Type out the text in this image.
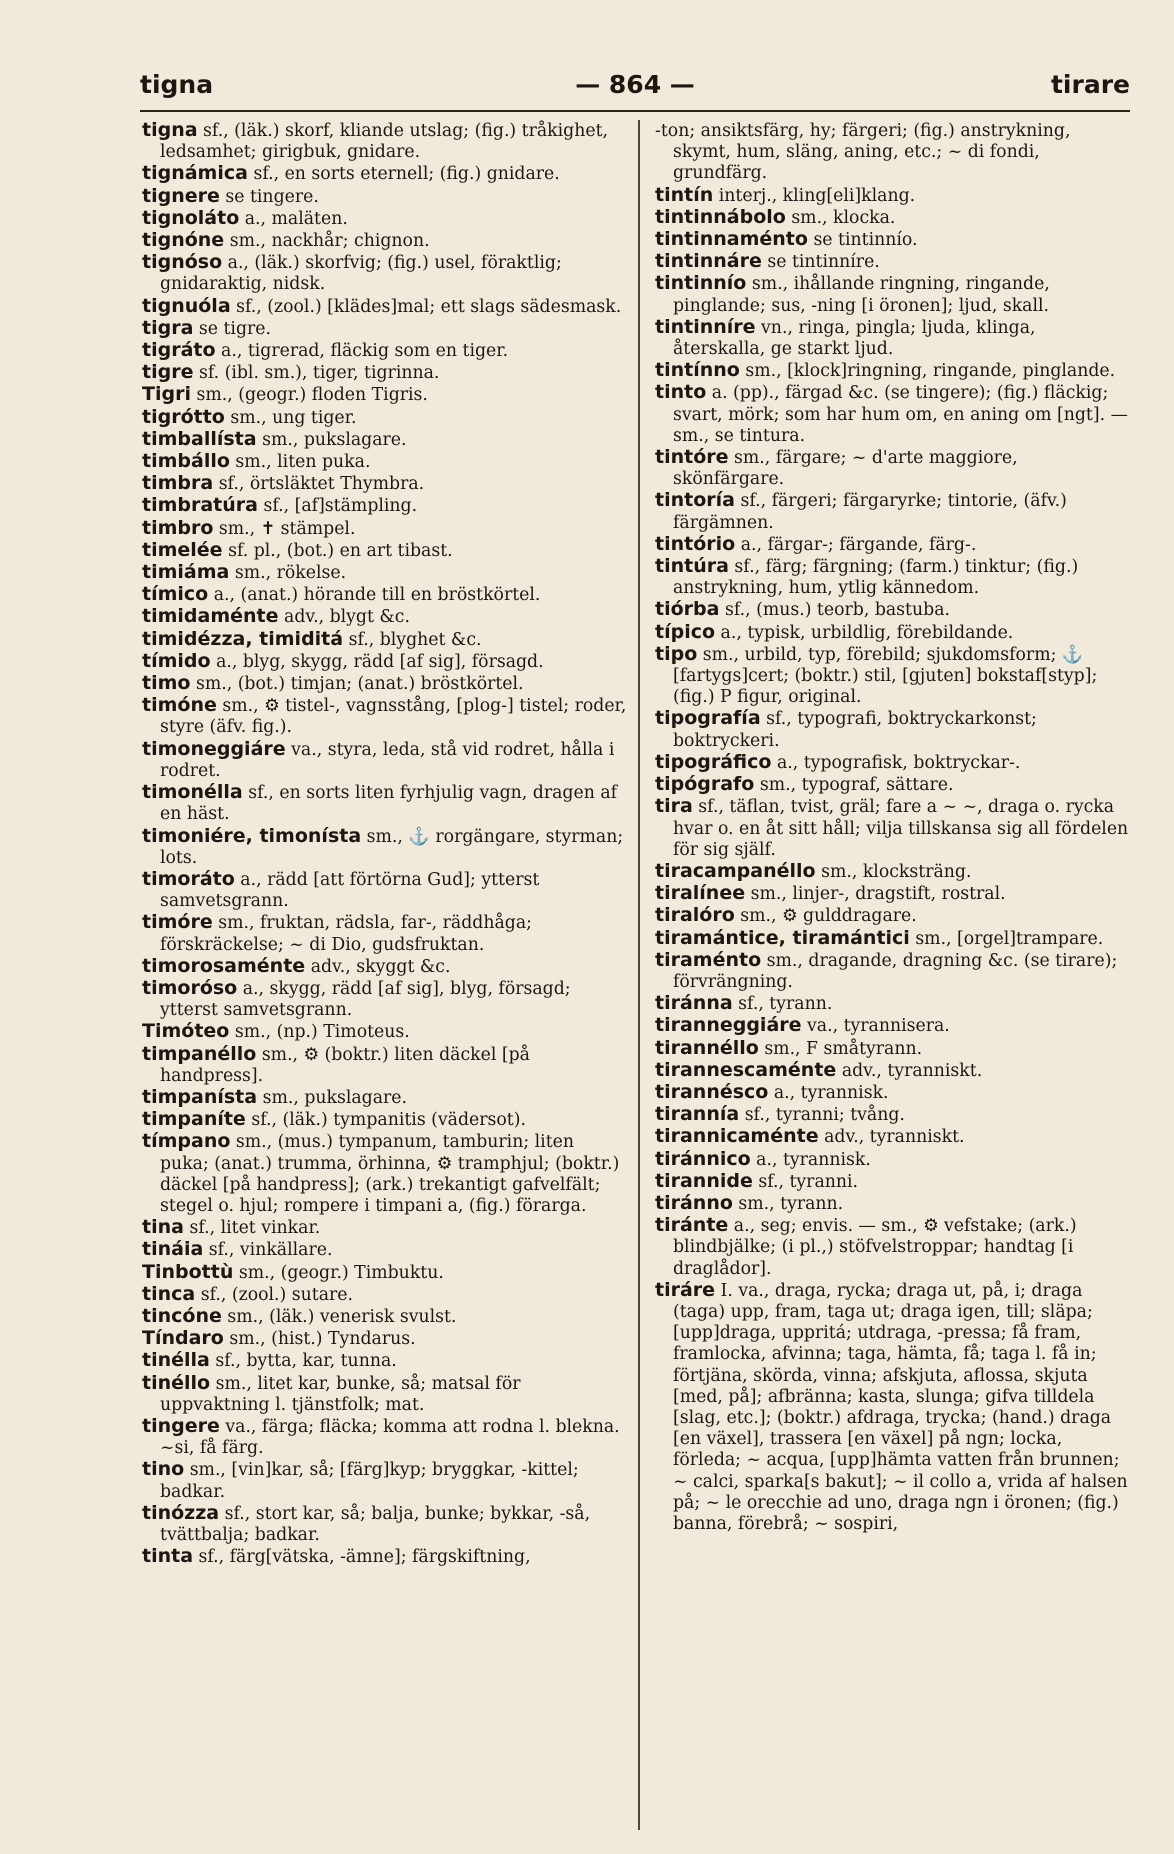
tigna	— 864 —	tirare

tigna sf., (läk.) skorf, kliande utslag; (fig.) tråkighet, ledsamhet; girigbuk, gnidare.

tignámica sf., en sorts eternell; (fig.) gnidare.

tignere se tingere.

tignoláto a., maläten.

tignóne sm., nackhår; chignon.

tignóso a., (läk.) skorfvig; (fig.) usel, föraktlig; gnidaraktig, nidsk.

tignuóla sf., (zool.) [klädes]mal; ett slags sädesmask.

tigra se tigre.

tigráto a., tigrerad, fläckig som en tiger.

tigre sf. (ibl. sm.), tiger, tigrinna.

Tigri sm., (geogr.) floden Tigris.

tigrótto sm., ung tiger.

timballísta sm., pukslagare.

timbállo sm., liten puka.

timbra sf., örtsläktet Thymbra.

timbratúra sf., [af]stämpling.

timbro sm., ✝ stämpel.

timelée sf. pl., (bot.) en art tibast.

timiáma sm., rökelse.

tímico a., (anat.) hörande till en bröstkörtel.

timidaménte adv., blygt &c.

timidézza, timiditá sf., blyghet &c.

tímido a., blyg, skygg, rädd [af sig], försagd.

timo sm., (bot.) timjan; (anat.) bröstkörtel.

timóne sm., ⚙ tistel-, vagnsstång, [plog-] tistel; roder, styre (äfv. fig.).

timoneggiáre va., styra, leda, stå vid rodret, hålla i rodret.

timonélla sf., en sorts liten fyrhjulig vagn, dragen af en häst.

timoniére, timonísta sm., ⚓ rorgängare, styrman; lots.

timoráto a., rädd [att förtörna Gud]; ytterst samvetsgrann.

timóre sm., fruktan, rädsla, far-, räddhåga; förskräckelse; ~ di Dio, gudsfruktan.

timorosaménte adv., skyggt &c.

timoróso a., skygg, rädd [af sig], blyg, försagd; ytterst samvetsgrann.

Timóteo sm., (np.) Timoteus.

timpanéllo sm., ⚙ (boktr.) liten däckel [på handpress].

timpanísta sm., pukslagare.

timpaníte sf., (läk.) tympanitis (vädersot).

tímpano sm., (mus.) tympanum, tamburin; liten puka; (anat.) trumma, örhinna, ⚙ tramphjul; (boktr.) däckel [på handpress]; (ark.) trekantigt gafvelfält; stegel o. hjul; rompere i timpani a, (fig.) förarga.

tina sf., litet vinkar.

tináia sf., vinkällare.

Tinbottù sm., (geogr.) Timbuktu.

tinca sf., (zool.) sutare.

tincóne sm., (läk.) venerisk svulst.

Tíndaro sm., (hist.) Tyndarus.

tinélla sf., bytta, kar, tunna.

tinéllo sm., litet kar, bunke, så; matsal för uppvaktning l. tjänstfolk; mat.

tingere va., färga; fläcka; komma att rodna l. blekna. ~si, få färg.

tino sm., [vin]kar, så; [färg]kyp; bryggkar, -kittel; badkar.

tinózza sf., stort kar, så; balja, bunke; bykkar, -så, tvättbalja; badkar.

tinta sf., färg[vätska, -ämne]; färgskiftning,

-ton; ansiktsfärg, hy; färgeri; (fig.) anstrykning, skymt, hum, släng, aning, etc.; ~ di fondi, grundfärg.

tintín interj., kling[eli]klang.

tintinnábolo sm., klocka.

tintinnaménto se tintinnío.

tintinnáre se tintinníre.

tintinnío sm., ihållande ringning, ringande, pinglande; sus, -ning [i öronen]; ljud, skall.

tintinníre vn., ringa, pingla; ljuda, klinga, återskalla, ge starkt ljud.

tintínno sm., [klock]ringning, ringande, pinglande.

tinto a. (pp)., färgad &c. (se tingere); (fig.) fläckig; svart, mörk; som har hum om, en aning om [ngt]. — sm., se tintura.

tintóre sm., färgare; ~ d'arte maggiore, skönfärgare.

tintoría sf., färgeri; färgaryrke; tintorie, (äfv.) färgämnen.

tintório a., färgar-; färgande, färg-.

tintúra sf., färg; färgning; (farm.) tinktur; (fig.) anstrykning, hum, ytlig kännedom.

tiórba sf., (mus.) teorb, bastuba.

típico a., typisk, urbildlig, förebildande.

tipo sm., urbild, typ, förebild; sjukdomsform; ⚓ [fartygs]cert; (boktr.) stil, [gjuten] bokstaf[styp]; (fig.) P figur, original.

tipografía sf., typografi, boktryckarkonst; boktryckeri.

tipográfico a., typografisk, boktryckar-.

tipógrafo sm., typograf, sättare.

tira sf., täflan, tvist, gräl; fare a ~ ~, draga o. rycka hvar o. en åt sitt håll; vilja tillskansa sig all fördelen för sig själf.

tiracampanéllo sm., klocksträng.

tiralínee sm., linjer-, dragstift, rostral.

tiralóro sm., ⚙ gulddragare.

tiramántice, tiramántici sm., [orgel]trampare.

tiraménto sm., dragande, dragning &c. (se tirare); förvrängning.

tiránna sf., tyrann.

tiranneggiáre va., tyrannisera.

tirannéllo sm., F småtyrann.

tirannescaménte adv., tyranniskt.

tirannésco a., tyrannisk.

tirannía sf., tyranni; tvång.

tirannicaménte adv., tyranniskt.

tiránnico a., tyrannisk.

tirannide sf., tyranni.

tiránno sm., tyrann.

tiránte a., seg; envis. — sm., ⚙ vefstake; (ark.) blindbjälke; (i pl.,) stöfvelstroppar; handtag [i draglådor].

tiráre I. va., draga, rycka; draga ut, på, i; draga (taga) upp, fram, taga ut; draga igen, till; släpa; [upp]draga, uppritá; utdraga, -pressa; få fram, framlocka, afvinna; taga, hämta, få; taga l. få in; förtjäna, skörda, vinna; afskjuta, aflossa, skjuta [med, på]; afbränna; kasta, slunga; gifva tilldela [slag, etc.]; (boktr.) afdraga, trycka; (hand.) draga [en växel], trassera [en växel] på ngn; locka, förleda; ~ acqua, [upp]hämta vatten från brunnen; ~ calci, sparka[s bakut]; ~ il collo a, vrida af halsen på; ~ le orecchie ad uno, draga ngn i öronen; (fig.) banna, förebrå; ~ sospiri,
